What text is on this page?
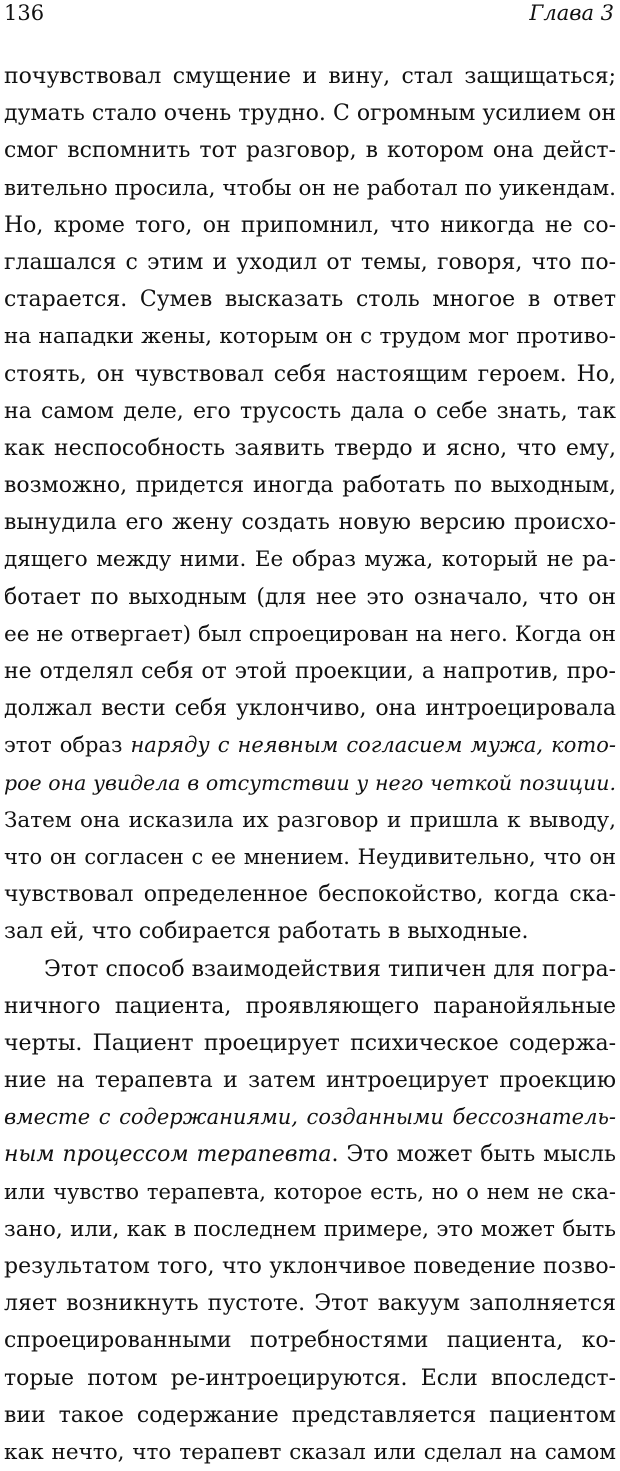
136	Глава 3
почувствовал смущение и вину, стал защищаться;
думать стало очень трудно. С огромным усилием он
смог вспомнить тот разговор, в котором она дейст-
вительно просила, чтобы он не работал по уикендам.
Но, кроме того, он припомнил, что никогда не со-
глашался с этим и уходил от темы, говоря, что по-
старается. Сумев высказать столь многое в ответ
на нападки жены, которым он с трудом мог противо-
стоять, он чувствовал себя настоящим героем. Но,
на самом деле, его трусость дала о себе знать, так
как неспособность заявить твердо и ясно, что ему,
возможно, придется иногда работать по выходным,
вынудила его жену создать новую версию происхо-
дящего между ними. Ее образ мужа, который не ра-
ботает по выходным (для нее это означало, что он
ее не отвергает) был спроецирован на него. Когда он
не отделял себя от этой проекции, а напротив, про-
должал вести себя уклончиво, она интроецировала
этот образ наряду с неявным согласием мужа, кото-
рое она увидела в отсутствии у него четкой позиции.
Затем она исказила их разговор и пришла к выводу,
что он согласен с ее мнением. Неудивительно, что он
чувствовал определенное беспокойство, когда ска-
зал ей, что собирается работать в выходные.
Этот способ взаимодействия типичен для погра-
ничного пациента, проявляющего паранойяльные
черты. Пациент проецирует психическое содержа-
ние на терапевта и затем интроецирует проекцию
вместе с содержаниями, созданными бессознатель-
ным процессом терапевта. Это может быть мысль
или чувство терапевта, которое есть, но о нем не ска-
зано, или, как в последнем примере, это может быть
результатом того, что уклончивое поведение позво-
ляет возникнуть пустоте. Этот вакуум заполняется
спроецированными потребностями пациента, ко-
торые потом ре-интроецируются. Если впоследст-
вии такое содержание представляется пациентом
как нечто, что терапевт сказал или сделал на самом
